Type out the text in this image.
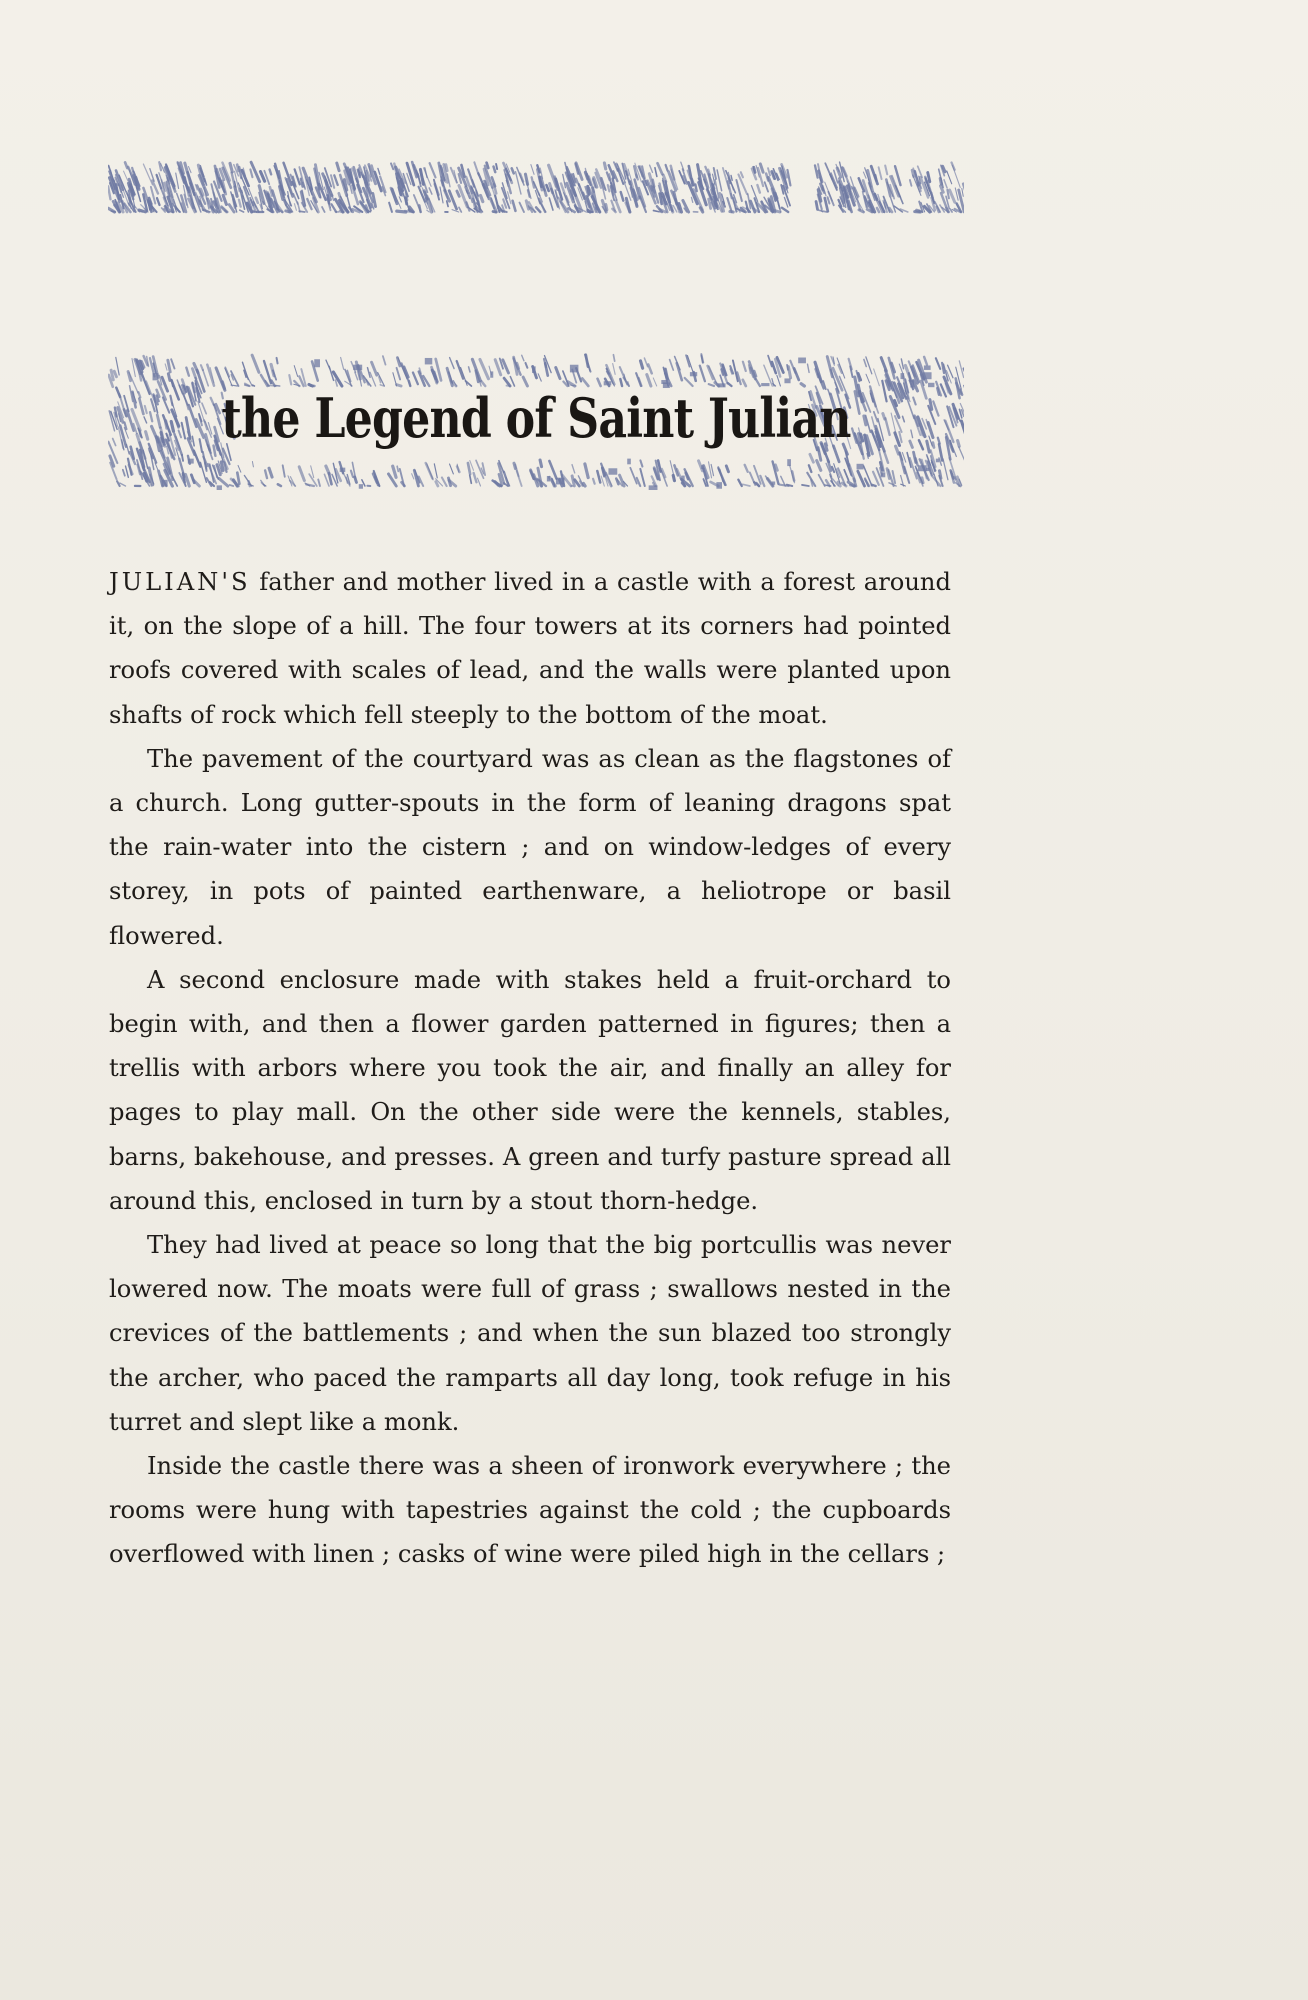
the Legend of Saint Julian

JULIAN'S father and mother lived in a castle with a forest around it, on the slope of a hill. The four towers at its corners had pointed roofs covered with scales of lead, and the walls were planted upon shafts of rock which fell steeply to the bottom of the moat.

The pavement of the courtyard was as clean as the flagstones of a church. Long gutter-spouts in the form of leaning dragons spat the rain-water into the cistern ; and on window-ledges of every storey, in pots of painted earthenware, a heliotrope or basil flowered.

A second enclosure made with stakes held a fruit-orchard to begin with, and then a flower garden patterned in figures; then a trellis with arbors where you took the air, and finally an alley for pages to play mall. On the other side were the kennels, stables, barns, bakehouse, and presses. A green and turfy pasture spread all around this, enclosed in turn by a stout thorn-hedge.

They had lived at peace so long that the big portcullis was never lowered now. The moats were full of grass ; swallows nested in the crevices of the battlements ; and when the sun blazed too strongly the archer, who paced the ramparts all day long, took refuge in his turret and slept like a monk.

Inside the castle there was a sheen of ironwork everywhere ; the rooms were hung with tapestries against the cold ; the cupboards overflowed with linen ; casks of wine were piled high in the cellars ;
